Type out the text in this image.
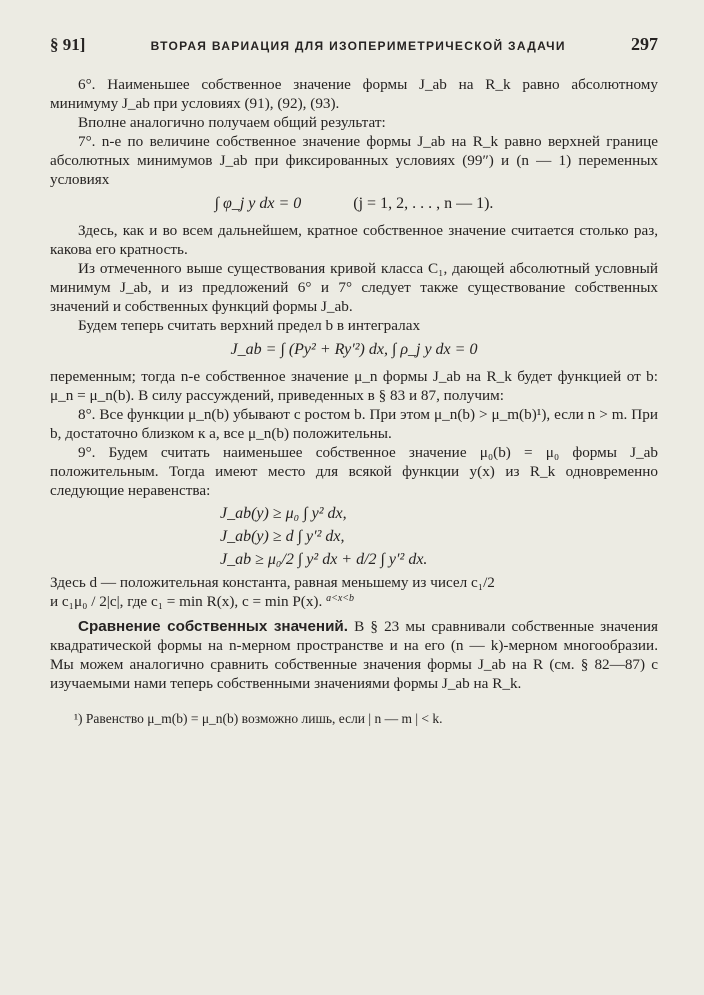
§ 91]	ВТОРАЯ ВАРИАЦИЯ ДЛЯ ИЗОПЕРИМЕТРИЧЕСКОЙ ЗАДАЧИ	297

6°. Наименьшее собственное значение формы J_ab на R_k равно абсолютному минимуму J_ab при условиях (91), (92), (93).

Вполне аналогично получаем общий результат:

7°. n-е по величине собственное значение формы J_ab на R_k равно верхней границе абсолютных минимумов J_ab при фиксированных условиях (99″) и (n — 1) переменных условиях

∫ φ_j y dx = 0	(j = 1, 2, . . . , n — 1).

Здесь, как и во всем дальнейшем, кратное собственное значение считается столько раз, какова его кратность.

Из отмеченного выше существования кривой класса C₁, дающей абсолютный условный минимум J_ab, и из предложений 6° и 7° следует также существование собственных значений и собственных функций формы J_ab.

Будем теперь считать верхний предел b в интегралах

J_ab = ∫ (Py² + Ry′²) dx, ∫ ρ_j y dx = 0

переменным; тогда n-е собственное значение μ_n формы J_ab на R_k будет функцией от b: μ_n = μ_n(b). В силу рассуждений, приведенных в § 83 и 87, получим:

8°. Все функции μ_n(b) убывают с ростом b. При этом μ_n(b) > μ_m(b)¹), если n > m. При b, достаточно близком к a, все μ_n(b) положительны.

9°. Будем считать наименьшее собственное значение μ₀(b) = μ₀ формы J_ab положительным. Тогда имеют место для всякой функции y(x) из R_k одновременно следующие неравенства:

J_ab(y) ≥ μ₀ ∫ y² dx,
J_ab(y) ≥ d ∫ y′² dx,
J_ab ≥ μ₀/2 ∫ y² dx + d/2 ∫ y′² dx.

Здесь d — положительная константа, равная меньшему из чисел c₁/2

и c₁μ₀ / 2|c|, где c₁ = min R(x), c = min P(x). a<x<b

Сравнение собственных значений. В § 23 мы сравнивали собственные значения квадратической формы на n-мерном пространстве и на его (n — k)-мерном многообразии. Мы можем аналогично сравнить собственные значения формы J_ab на R (см. § 82—87) с изучаемыми нами теперь собственными значениями формы J_ab на R_k.

¹) Равенство μ_m(b) = μ_n(b) возможно лишь, если | n — m | < k.
